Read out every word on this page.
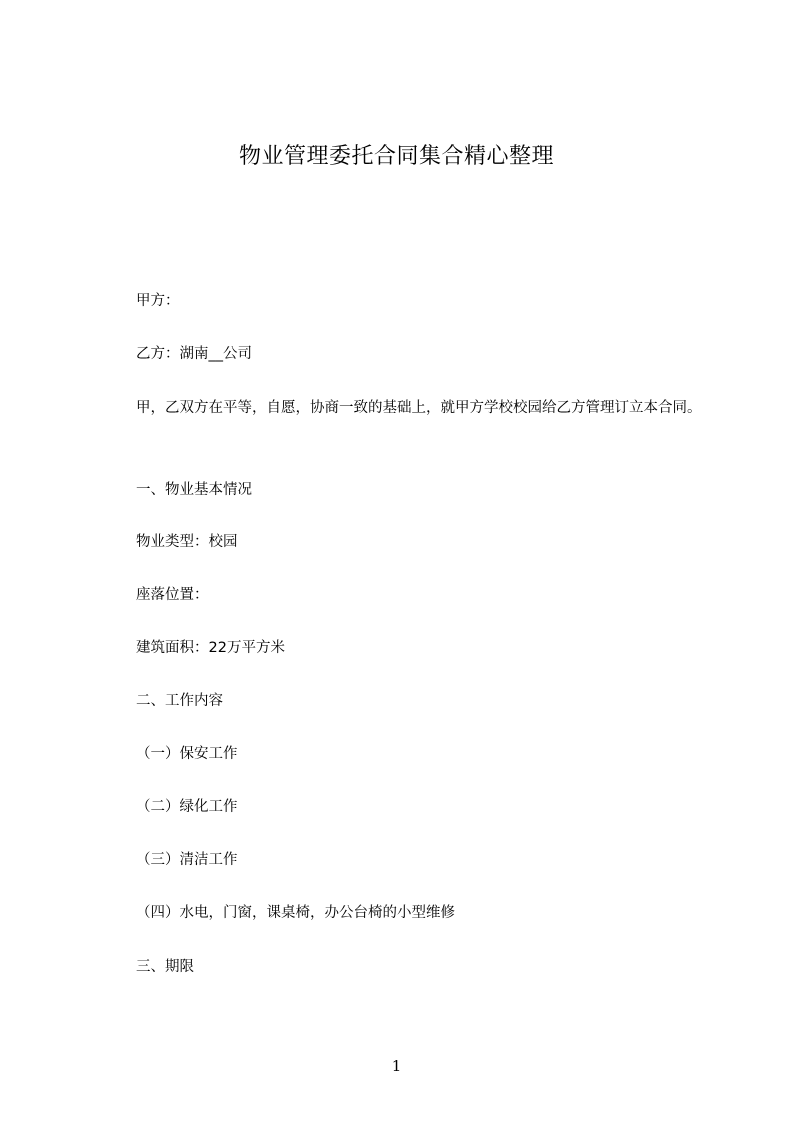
物业管理委托合同集合精心整理
甲方：
乙方：湖南__公司
甲，乙双方在平等，自愿，协商一致的基础上，就甲方学校校园给乙方管理订立本合同。
一、物业基本情况
物业类型：校园
座落位置：
建筑面积：22万平方米
二、工作内容
（一）保安工作
（二）绿化工作
（三）清洁工作
（四）水电，门窗，课桌椅，办公台椅的小型维修
三、期限
1
